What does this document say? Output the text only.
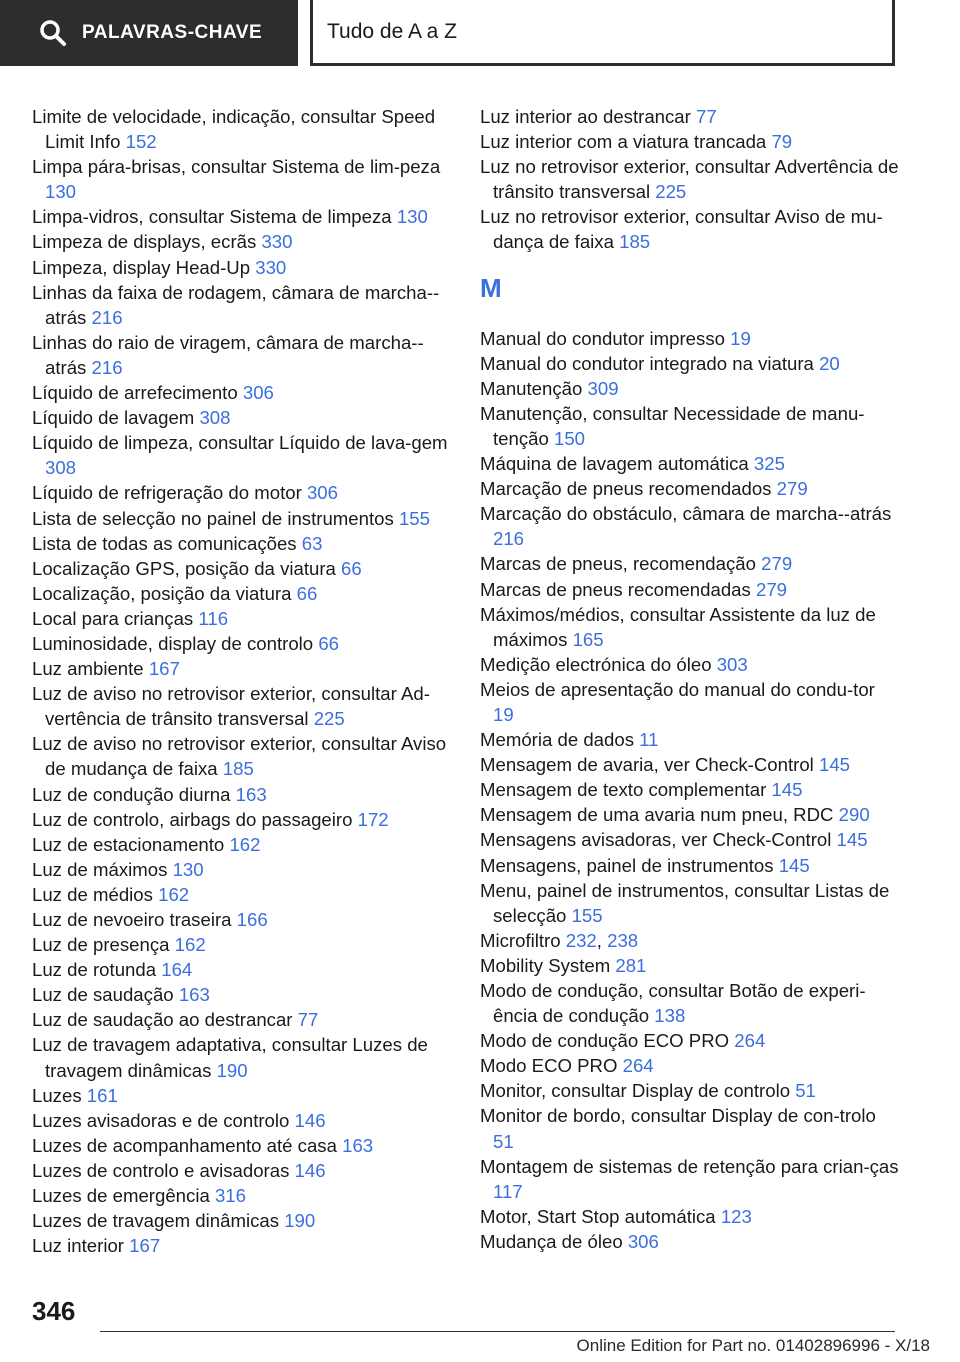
PALAVRAS-CHAVE	Tudo de A a Z
Limite de velocidade, indicação, consultar Speed Limit Info 152
Limpa pára-brisas, consultar Sistema de lim-peza 130
Limpa-vidros, consultar Sistema de limpeza 130
Limpeza de displays, ecrãs 330
Limpeza, display Head-Up 330
Linhas da faixa de rodagem, câmara de marcha--atrás 216
Linhas do raio de viragem, câmara de marcha--atrás 216
Líquido de arrefecimento 306
Líquido de lavagem 308
Líquido de limpeza, consultar Líquido de lava-gem 308
Líquido de refrigeração do motor 306
Lista de selecção no painel de instrumentos 155
Lista de todas as comunicações 63
Localização GPS, posição da viatura 66
Localização, posição da viatura 66
Local para crianças 116
Luminosidade, display de controlo 66
Luz ambiente 167
Luz de aviso no retrovisor exterior, consultar Ad-vertência de trânsito transversal 225
Luz de aviso no retrovisor exterior, consultar Aviso de mudança de faixa 185
Luz de condução diurna 163
Luz de controlo, airbags do passageiro 172
Luz de estacionamento 162
Luz de máximos 130
Luz de médios 162
Luz de nevoeiro traseira 166
Luz de presença 162
Luz de rotunda 164
Luz de saudação 163
Luz de saudação ao destrancar 77
Luz de travagem adaptativa, consultar Luzes de travagem dinâmicas 190
Luzes 161
Luzes avisadoras e de controlo 146
Luzes de acompanhamento até casa 163
Luzes de controlo e avisadoras 146
Luzes de emergência 316
Luzes de travagem dinâmicas 190
Luz interior 167
Luz interior ao destrancar 77
Luz interior com a viatura trancada 79
Luz no retrovisor exterior, consultar Advertência de trânsito transversal 225
Luz no retrovisor exterior, consultar Aviso de mu-dança de faixa 185
M
Manual do condutor impresso 19
Manual do condutor integrado na viatura 20
Manutenção 309
Manutenção, consultar Necessidade de manu-tenção 150
Máquina de lavagem automática 325
Marcação de pneus recomendados 279
Marcação do obstáculo, câmara de marcha--atrás 216
Marcas de pneus, recomendação 279
Marcas de pneus recomendadas 279
Máximos/médios, consultar Assistente da luz de máximos 165
Medição electrónica do óleo 303
Meios de apresentação do manual do condu-tor 19
Memória de dados 11
Mensagem de avaria, ver Check-Control 145
Mensagem de texto complementar 145
Mensagem de uma avaria num pneu, RDC 290
Mensagens avisadoras, ver Check-Control 145
Mensagens, painel de instrumentos 145
Menu, painel de instrumentos, consultar Listas de selecção 155
Microfiltro 232, 238
Mobility System 281
Modo de condução, consultar Botão de experi-ência de condução 138
Modo de condução ECO PRO 264
Modo ECO PRO 264
Monitor, consultar Display de controlo 51
Monitor de bordo, consultar Display de con-trolo 51
Montagem de sistemas de retenção para crian-ças 117
Motor, Start Stop automática 123
Mudança de óleo 306
346
Online Edition for Part no. 01402896996 - X/18
